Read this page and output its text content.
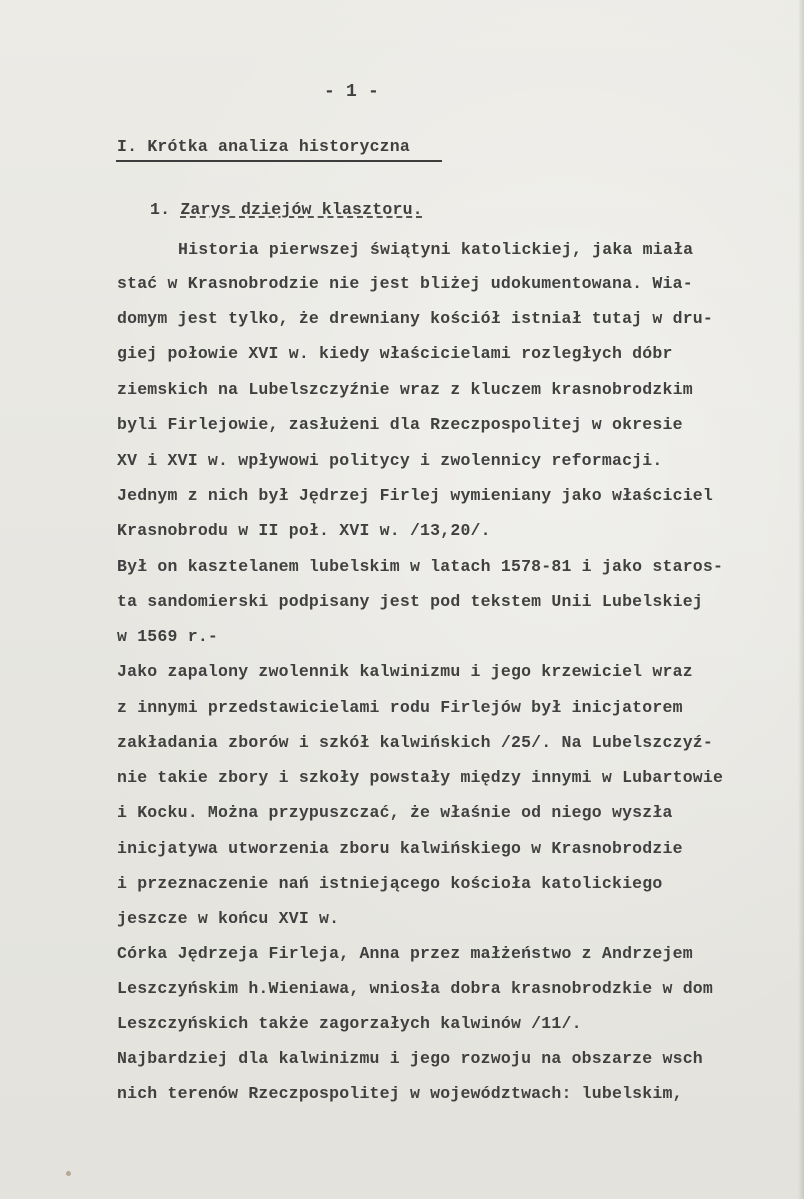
- 1 -
I. Krótka analiza historyczna
1. Zarys dziejów klasztoru.
Historia pierwszej świątyni katolickiej, jaka miała
stać w Krasnobrodzie nie jest bliżej udokumentowana. Wia-
domym jest tylko, że drewniany kościół istniał tutaj w dru-
giej połowie XVI w. kiedy właścicielami rozległych dóbr
ziemskich na Lubelszczyźnie wraz z kluczem krasnobrodzkim
byli Firlejowie, zasłużeni dla Rzeczpospolitej w okresie
XV i XVI w. wpływowi politycy i zwolennicy reformacji.
Jednym z nich był Jędrzej Firlej wymieniany jako właściciel
Krasnobrodu w II poł. XVI w. /13,20/.
Był on kasztelanem lubelskim w latach 1578-81 i jako staros-
ta sandomierski podpisany jest pod tekstem Unii Lubelskiej
w 1569 r.-
Jako zapalony zwolennik kalwinizmu i jego krzewiciel wraz
z innymi przedstawicielami rodu Firlejów był inicjatorem
zakładania zborów i szkół kalwińskich /25/. Na Lubelszczyź-
nie takie zbory i szkoły powstały między innymi w Lubartowie
i Kocku. Można przypuszczać, że właśnie od niego wyszła
inicjatywa utworzenia zboru kalwińskiego w Krasnobrodzie
i przeznaczenie nań istniejącego kościoła katolickiego
jeszcze w końcu XVI w.
Córka Jędrzeja Firleja, Anna przez małżeństwo z Andrzejem
Leszczyńskim h.Wieniawa, wniosła dobra krasnobrodzkie w dom
Leszczyńskich także zagorzałych kalwinów /11/.
Najbardziej dla kalwinizmu i jego rozwoju na obszarze wsch
nich terenów Rzeczpospolitej w województwach: lubelskim,
